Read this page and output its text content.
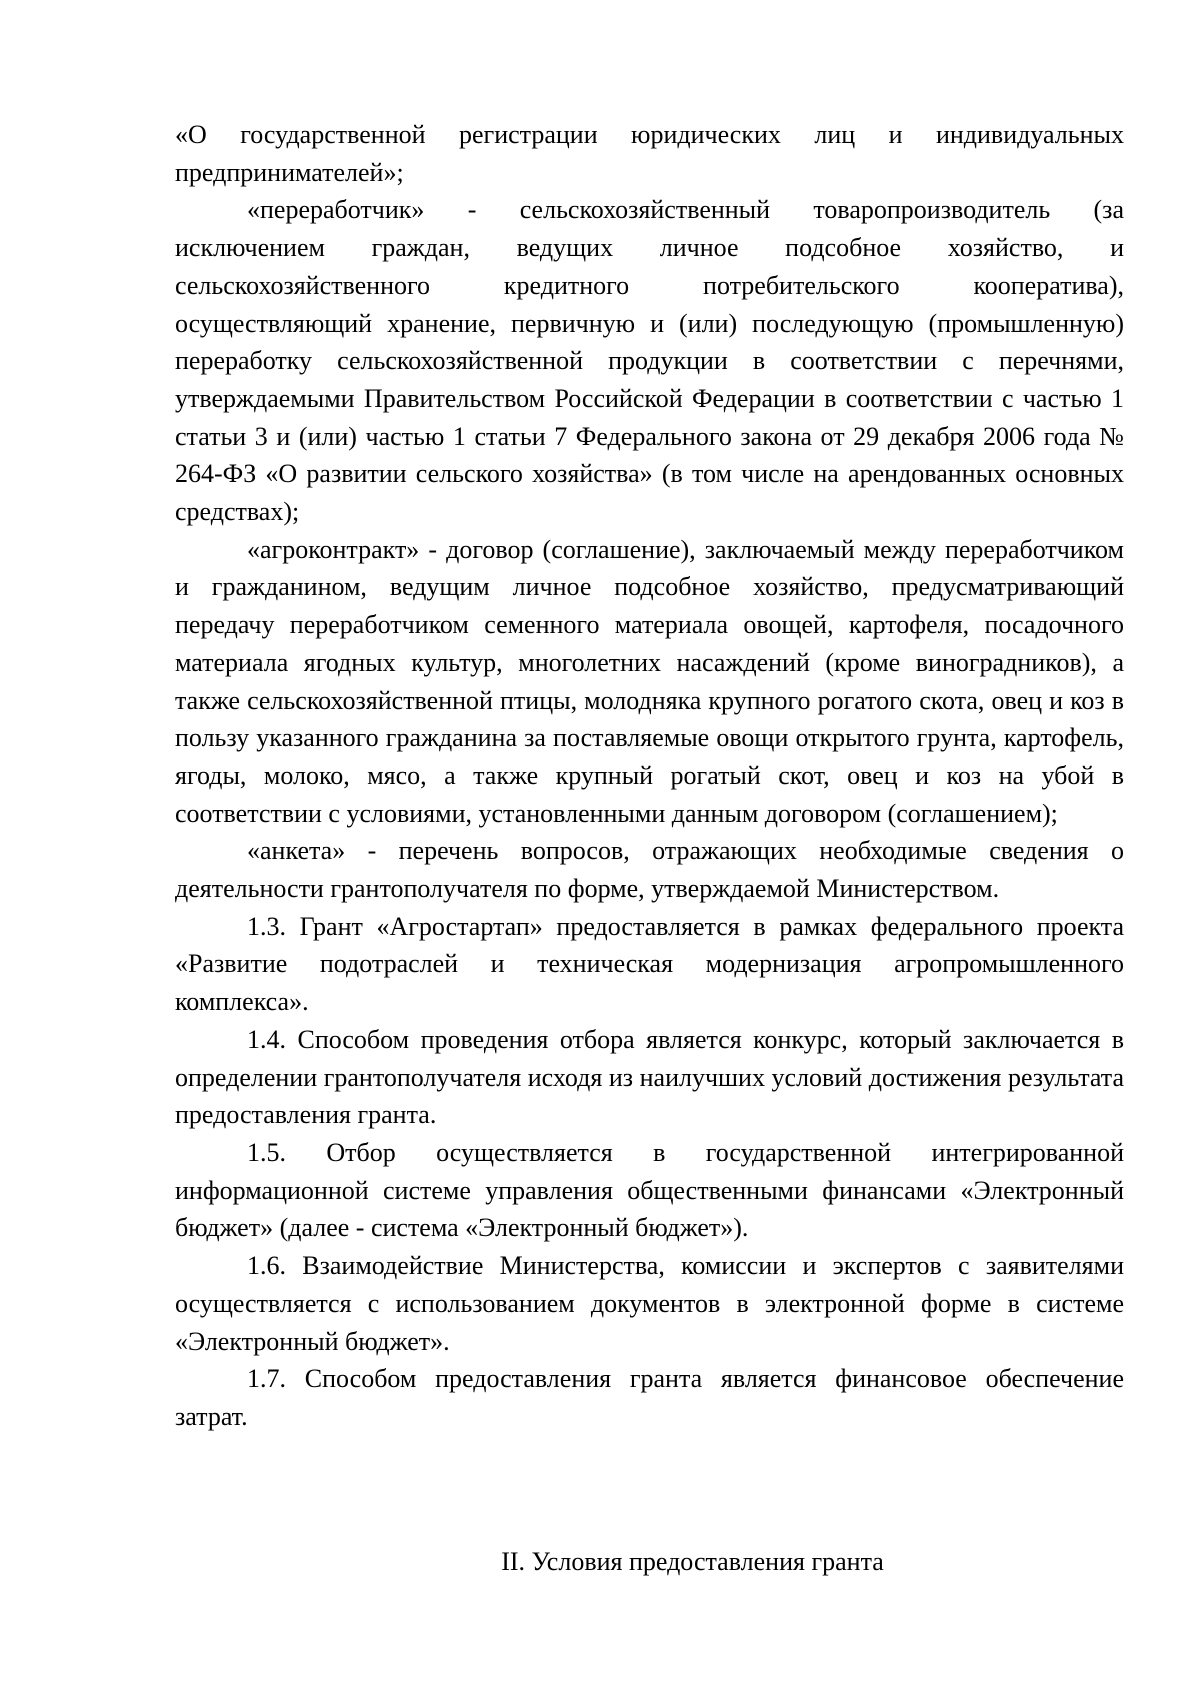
«О государственной регистрации юридических лиц и индивидуальных предпринимателей»;

«переработчик» - сельскохозяйственный товаропроизводитель (за исключением граждан, ведущих личное подсобное хозяйство, и сельскохозяйственного кредитного потребительского кооператива), осуществляющий хранение, первичную и (или) последующую (промышленную) переработку сельскохозяйственной продукции в соответствии с перечнями, утверждаемыми Правительством Российской Федерации в соответствии с частью 1 статьи 3 и (или) частью 1 статьи 7 Федерального закона от 29 декабря 2006 года № 264-ФЗ «О развитии сельского хозяйства» (в том числе на арендованных основных средствах);

«агроконтракт» - договор (соглашение), заключаемый между переработчиком и гражданином, ведущим личное подсобное хозяйство, предусматривающий передачу переработчиком семенного материала овощей, картофеля, посадочного материала ягодных культур, многолетних насаждений (кроме виноградников), а также сельскохозяйственной птицы, молодняка крупного рогатого скота, овец и коз в пользу указанного гражданина за поставляемые овощи открытого грунта, картофель, ягоды, молоко, мясо, а также крупный рогатый скот, овец и коз на убой в соответствии с условиями, установленными данным договором (соглашением);

«анкета» - перечень вопросов, отражающих необходимые сведения о деятельности грантополучателя по форме, утверждаемой Министерством.

1.3. Грант «Агростартап» предоставляется в рамках федерального проекта «Развитие подотраслей и техническая модернизация агропромышленного комплекса».

1.4. Способом проведения отбора является конкурс, который заключается в определении грантополучателя исходя из наилучших условий достижения результата предоставления гранта.

1.5. Отбор осуществляется в государственной интегрированной информационной системе управления общественными финансами «Электронный бюджет» (далее - система «Электронный бюджет»).

1.6. Взаимодействие Министерства, комиссии и экспертов с заявителями осуществляется с использованием документов в электронной форме в системе «Электронный бюджет».

1.7. Способом предоставления гранта является финансовое обеспечение затрат.

II. Условия предоставления гранта
